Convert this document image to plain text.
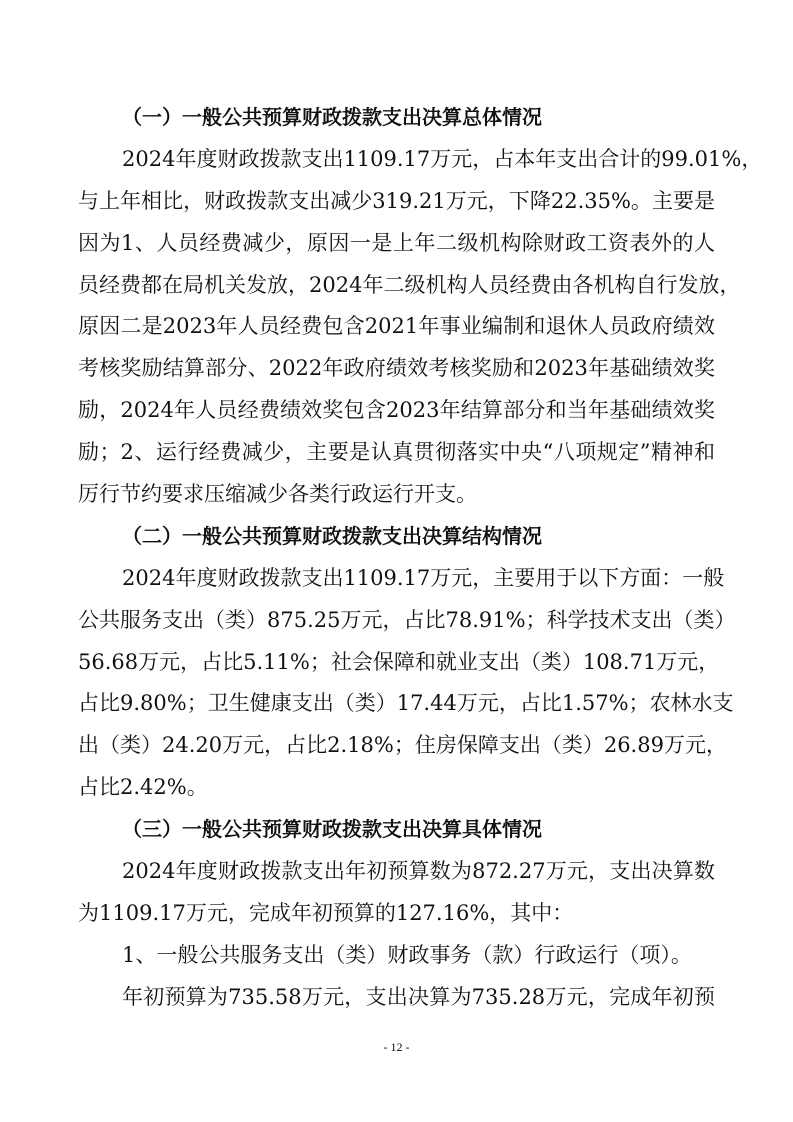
（一）一般公共预算财政拨款支出决算总体情况
2024年度财政拨款支出1109.17万元，占本年支出合计的99.01%，
与上年相比，财政拨款支出减少319.21万元，下降22.35%。主要是
因为1、人员经费减少，原因一是上年二级机构除财政工资表外的人
员经费都在局机关发放，2024年二级机构人员经费由各机构自行发放，
原因二是2023年人员经费包含2021年事业编制和退休人员政府绩效
考核奖励结算部分、2022年政府绩效考核奖励和2023年基础绩效奖
励，2024年人员经费绩效奖包含2023年结算部分和当年基础绩效奖
励；2、运行经费减少，主要是认真贯彻落实中央“八项规定”精神和
厉行节约要求压缩减少各类行政运行开支。
（二）一般公共预算财政拨款支出决算结构情况
2024年度财政拨款支出1109.17万元，主要用于以下方面：一般
公共服务支出（类）875.25万元，占比78.91%；科学技术支出（类）
56.68万元，占比5.11%；社会保障和就业支出（类）108.71万元，
占比9.80%；卫生健康支出（类）17.44万元，占比1.57%；农林水支
出（类）24.20万元，占比2.18%；住房保障支出（类）26.89万元，
占比2.42%。
（三）一般公共预算财政拨款支出决算具体情况
2024年度财政拨款支出年初预算数为872.27万元，支出决算数
为1109.17万元，完成年初预算的127.16%，其中：
1、一般公共服务支出（类）财政事务（款）行政运行（项）。
年初预算为735.58万元，支出决算为735.28万元，完成年初预
- 12 -
